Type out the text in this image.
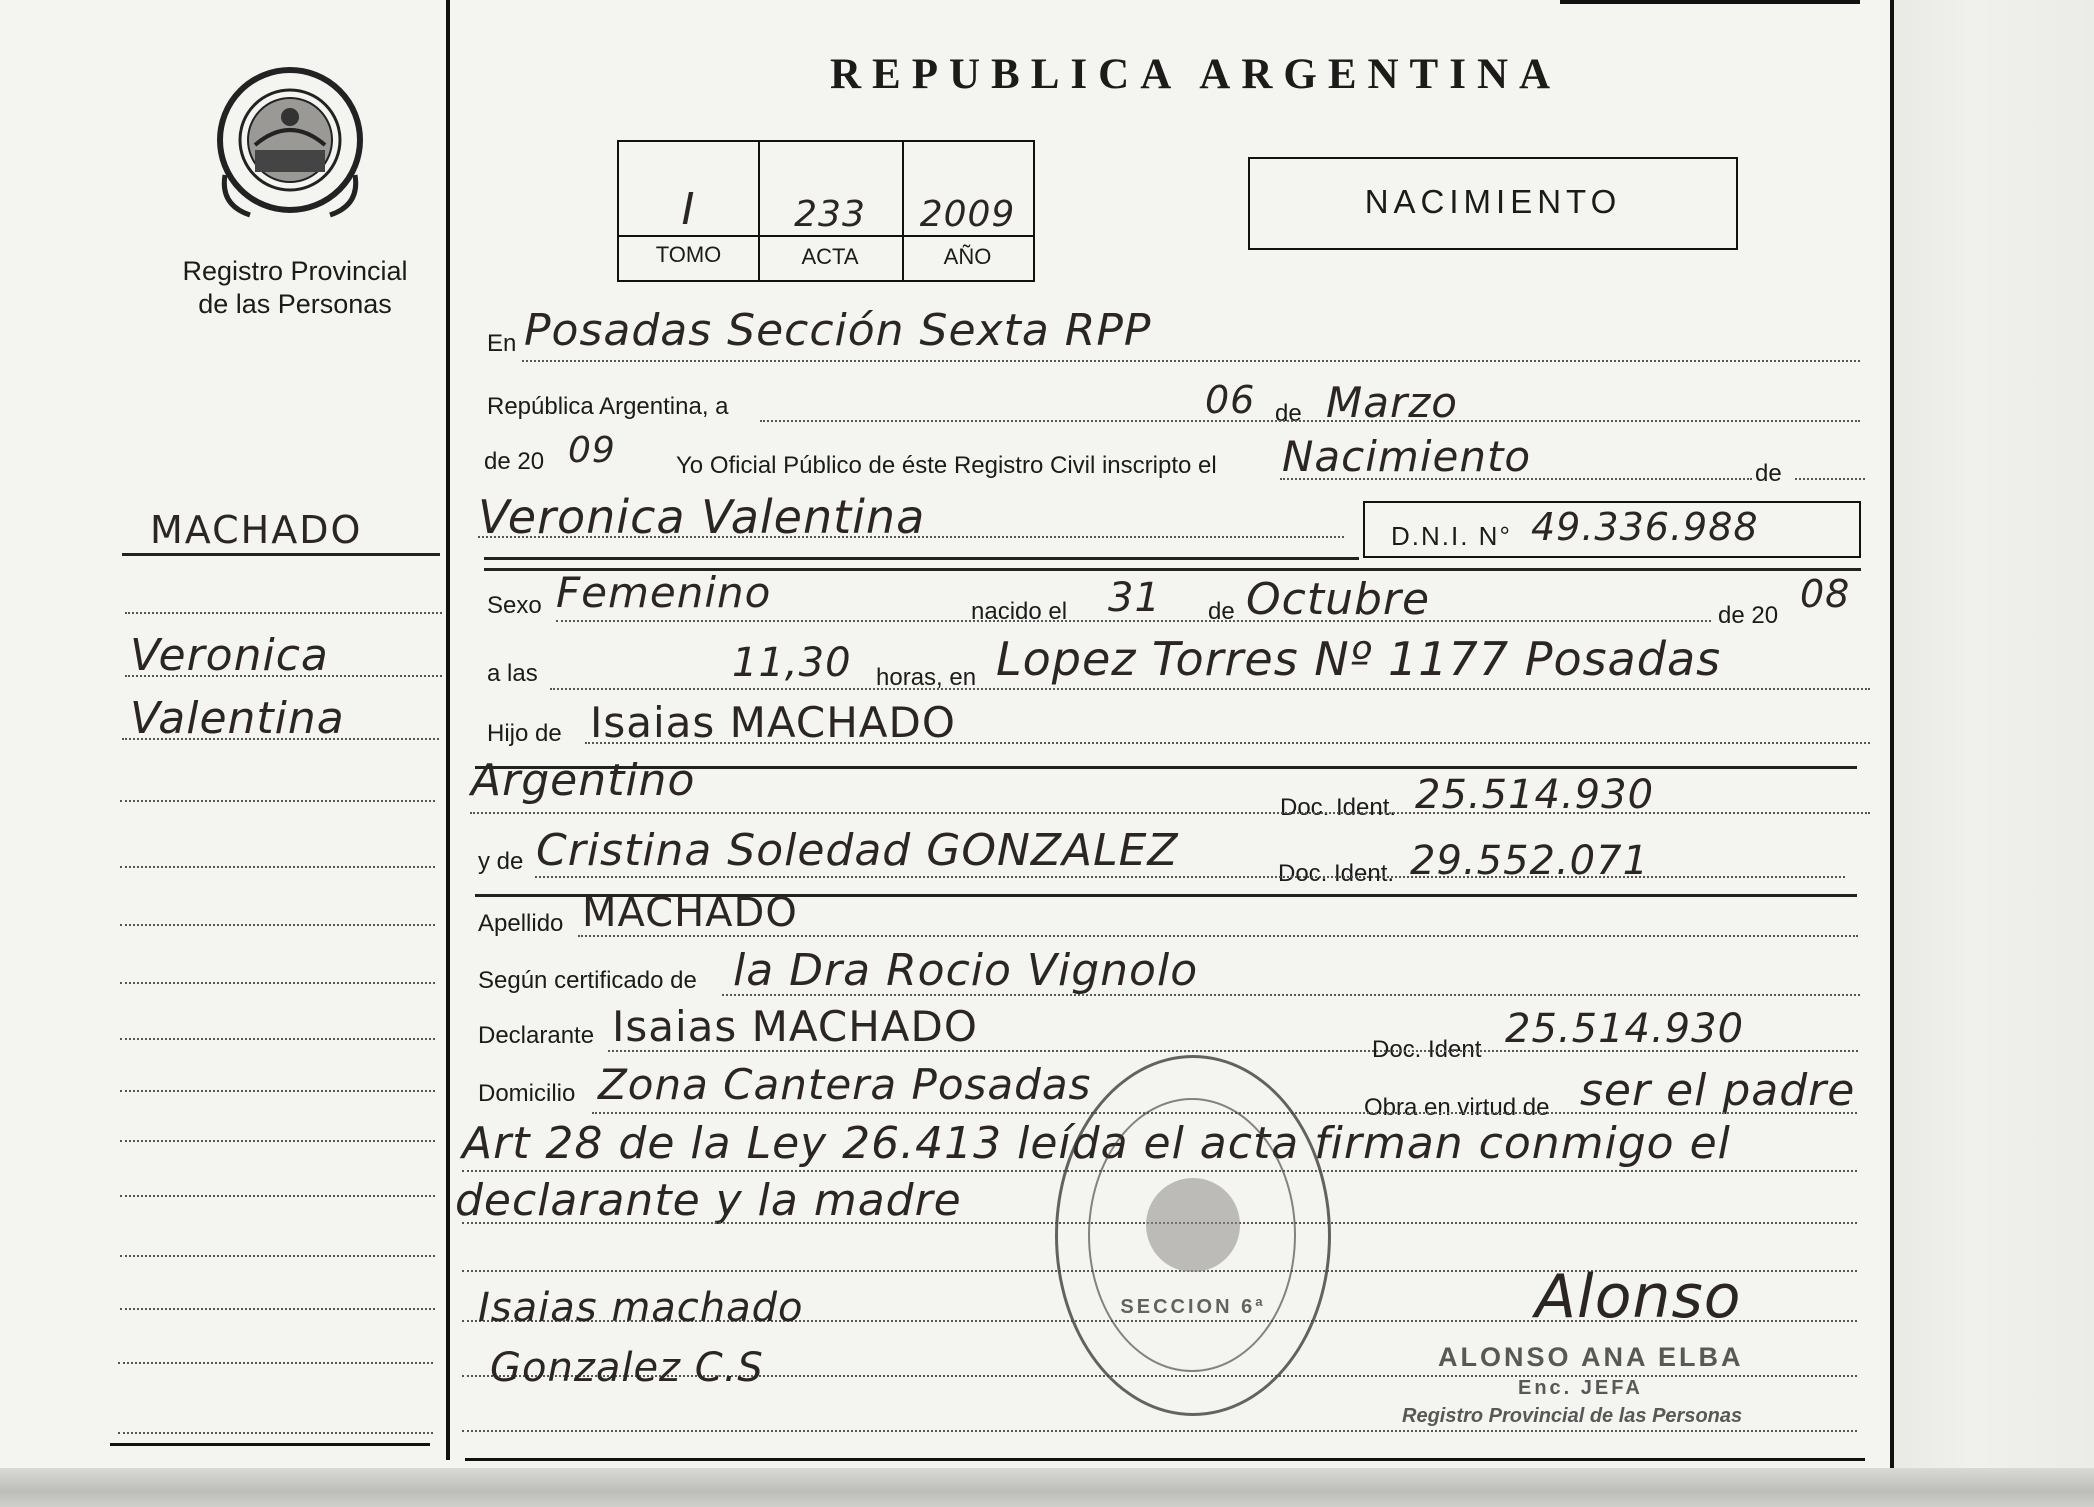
Registro Provincial
de las Personas
REPUBLICA ARGENTINA
I	233	2009
TOMO	ACTA	AÑO
NACIMIENTO
MACHADO
Veronica
Valentina
En Posadas Sección Sexta RPP
República Argentina, a	06 de Marzo
de 20 09	Yo Oficial Público de éste Registro Civil inscripto el Nacimiento	de
Veronica Valentina	D.N.I. N° 49.336.988
Sexo Femenino	nacido el 31 de Octubre	de 20 08
a las	11,30 horas, en Lopez Torres Nº 1177 Posadas
Hijo de Isaias MACHADO
Argentino
Doc. Ident. 25.514.930
y de Cristina Soledad GONZALEZ	Doc. Ident. 29.552.071
Apellido MACHADO
Según certificado de la Dra Rocio Vignolo
Declarante Isaias MACHADO	Doc. Ident 25.514.930
Domicilio Zona Cantera Posadas	Obra en virtud de ser el padre
Art 28 de la Ley 26.413 leída el acta firman conmigo el
declarante y la madre
Isaias machado
Gonzalez C.S
Alonso
ALONSO ANA ELBA
Enc. JEFA
Registro Provincial de las Personas
SECCION 6ª
